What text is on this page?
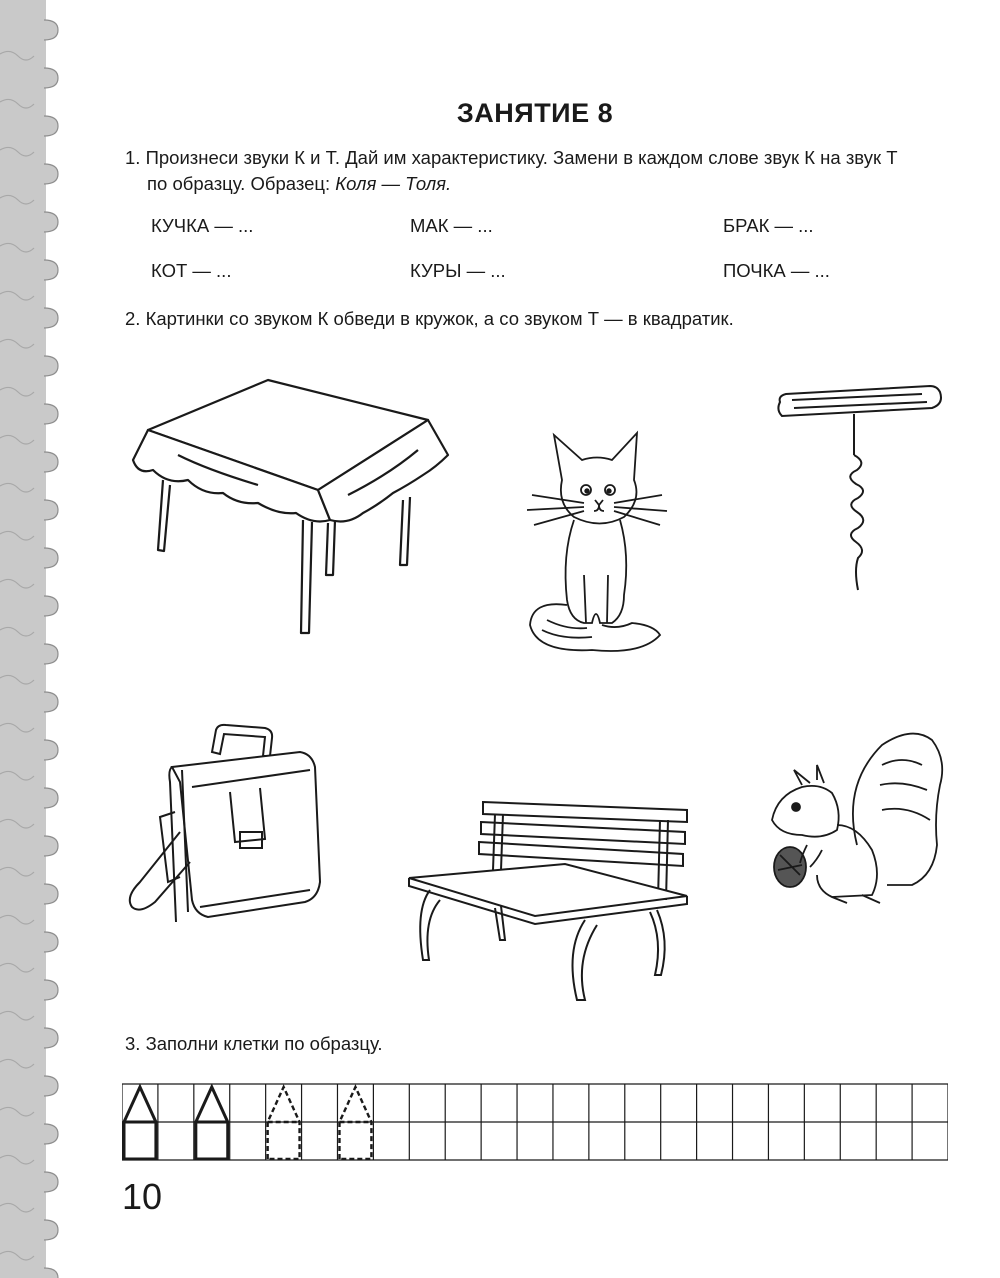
ЗАНЯТИЕ 8
1. Произнеси звуки К и Т. Дай им характеристику. Замени в каждом слове звук К на звук Т
по образцу. Образец: Коля — Толя.
КУЧКА — ...	МАК — ...	БРАК — ...
КОТ — ...	КУРЫ — ...	ПОЧКА — ...
2. Картинки со звуком К обведи в кружок, а со звуком Т — в квадратик.
3. Заполни клетки по образцу.
10
